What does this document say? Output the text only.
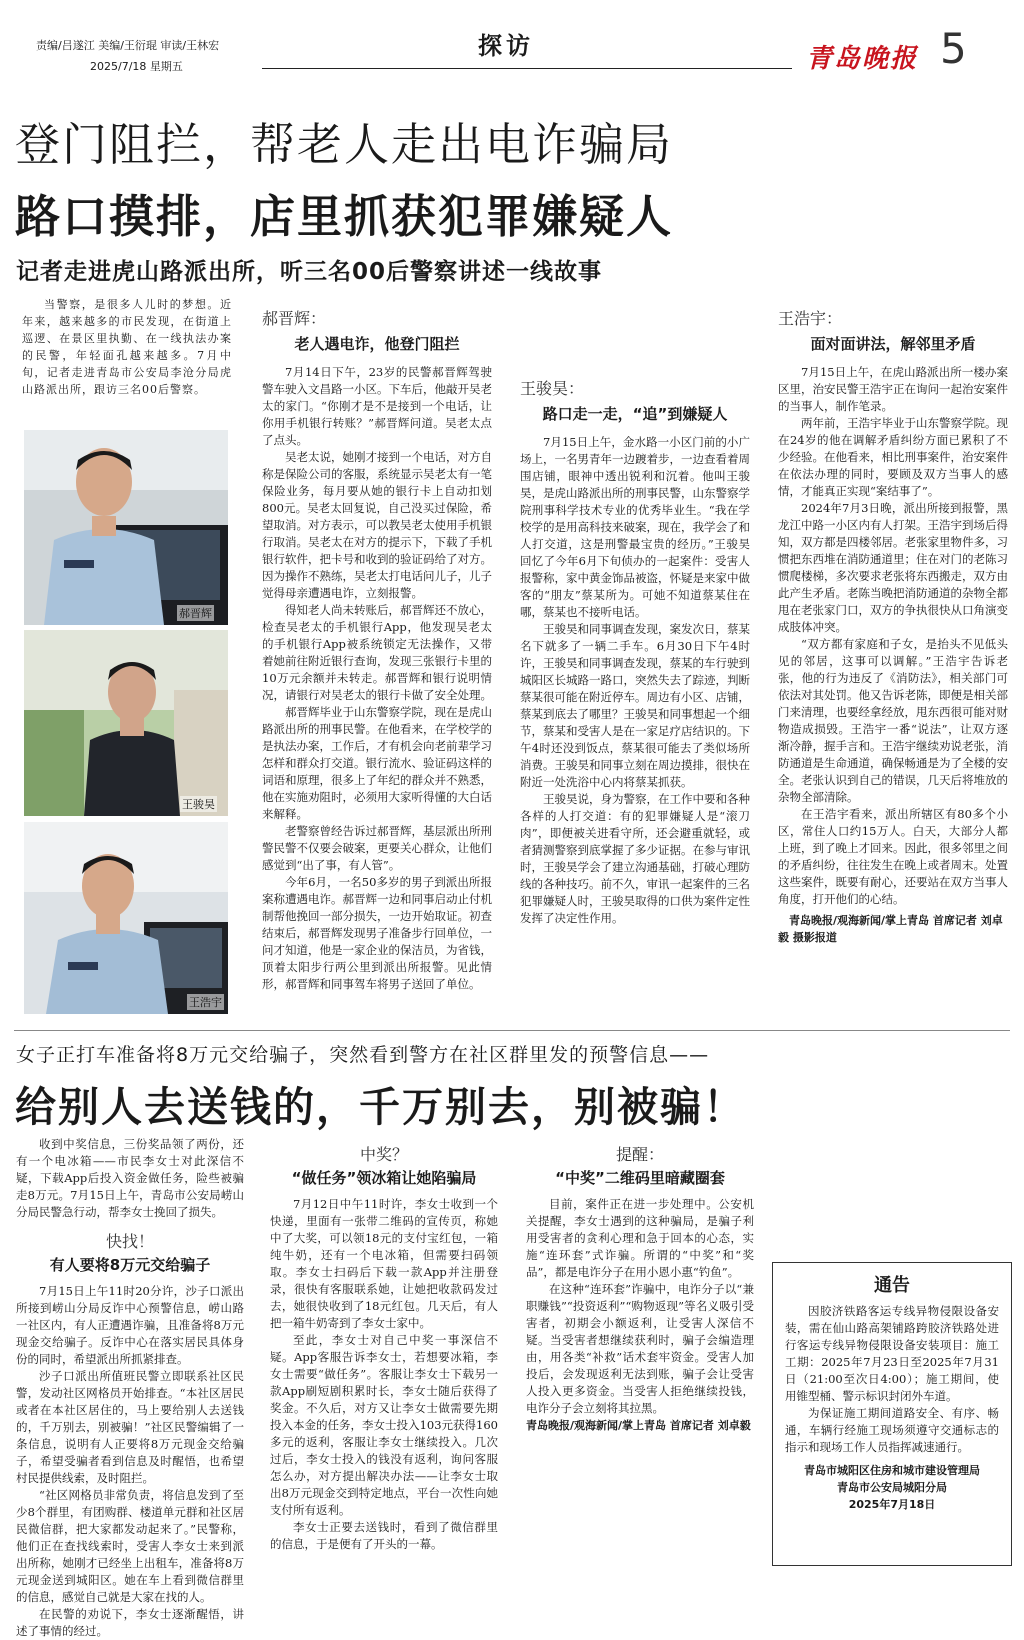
责编/吕遂江 美编/王衍琨 审读/王林宏
2025/7/18 星期五
探访	青岛晚报 5
登门阻拦，帮老人走出电诈骗局
路口摸排，店里抓获犯罪嫌疑人
记者走进虎山路派出所，听三名00后警察讲述一线故事
当警察，是很多人儿时的梦想。近年来，越来越多的市民发现，在街道上巡逻、在景区里执勤、在一线执法办案的民警，年轻面孔越来越多。7月中旬，记者走进青岛市公安局李沧分局虎山路派出所，跟访三名00后警察。
郝晋辉
王骏昊
王浩宇
郝晋辉：
老人遇电诈，他登门阻拦

7月14日下午，23岁的民警郝晋辉驾驶警车驶入文昌路一小区。下车后，他敲开吴老太的家门。“你刚才是不是接到一个电话，让你用手机银行转账？”郝晋辉问道。吴老太点了点头。

吴老太说，她刚才接到一个电话，对方自称是保险公司的客服，系统显示吴老太有一笔保险业务，每月要从她的银行卡上自动扣划800元。吴老太回复说，自己没买过保险，希望取消。对方表示，可以教吴老太使用手机银行取消。吴老太在对方的提示下，下载了手机银行软件，把卡号和收到的验证码给了对方。因为操作不熟练，吴老太打电话问儿子，儿子觉得母亲遭遇电诈，立刻报警。

得知老人尚未转账后，郝晋辉还不放心，检查吴老太的手机银行App，他发现吴老太的手机银行App被系统锁定无法操作，又带着她前往附近银行查询，发现三张银行卡里的10万元余额并未转走。郝晋辉和银行说明情况，请银行对吴老太的银行卡做了安全处理。

郝晋辉毕业于山东警察学院，现在是虎山路派出所的刑事民警。在他看来，在学校学的是执法办案，工作后，才有机会向老前辈学习怎样和群众打交道。银行流水、验证码这样的词语和原理，很多上了年纪的群众并不熟悉，他在实施劝阻时，必须用大家听得懂的大白话来解释。

老警察曾经告诉过郝晋辉，基层派出所刑警民警不仅要会破案，更要关心群众，让他们感觉到“出了事，有人管”。

今年6月，一名50多岁的男子到派出所报案称遭遇电诈。郝晋辉一边和同事启动止付机制帮他挽回一部分损失，一边开始取证。初查结束后，郝晋辉发现男子准备步行回单位，一问才知道，他是一家企业的保洁员，为省钱，顶着太阳步行两公里到派出所报警。见此情形，郝晋辉和同事驾车将男子送回了单位。

王骏昊：
路口走一走，“追”到嫌疑人

7月15日上午，金水路一小区门前的小广场上，一名男青年一边踱着步，一边查看着周围店铺，眼神中透出锐利和沉着。他叫王骏昊，是虎山路派出所的刑事民警，山东警察学院刑事科学技术专业的优秀毕业生。“我在学校学的是用高科技来破案，现在，我学会了和人打交道，这是刑警最宝贵的经历。”王骏昊回忆了今年6月下旬侦办的一起案件：受害人报警称，家中黄金饰品被盗，怀疑是来家中做客的“朋友”蔡某所为。可她不知道蔡某住在哪，蔡某也不接听电话。

王骏昊和同事调查发现，案发次日，蔡某名下就多了一辆二手车。6月30日下午4时许，王骏昊和同事调查发现，蔡某的车行驶到城阳区长城路一路口，突然失去了踪迹，判断蔡某很可能在附近停车。周边有小区、店铺，蔡某到底去了哪里？王骏昊和同事想起一个细节，蔡某和受害人是在一家足疗店结识的。下午4时还没到饭点，蔡某很可能去了类似场所消费。王骏昊和同事立刻在周边摸排，很快在附近一处洗浴中心内将蔡某抓获。

王骏昊说，身为警察，在工作中要和各种各样的人打交道：有的犯罪嫌疑人是“滚刀肉”，即便被关进看守所，还会避重就轻，或者猜测警察到底掌握了多少证据。在参与审讯时，王骏昊学会了建立沟通基础，打破心理防线的各种技巧。前不久，审讯一起案件的三名犯罪嫌疑人时，王骏昊取得的口供为案件定性发挥了决定性作用。

王浩宇：
面对面讲法，解邻里矛盾

7月15日上午，在虎山路派出所一楼办案区里，治安民警王浩宇正在询问一起治安案件的当事人，制作笔录。

两年前，王浩宇毕业于山东警察学院。现在24岁的他在调解矛盾纠纷方面已累积了不少经验。在他看来，相比刑事案件，治安案件在依法办理的同时，要顾及双方当事人的感情，才能真正实现“案结事了”。

2024年7月3日晚，派出所接到报警，黑龙江中路一小区内有人打架。王浩宇到场后得知，双方都是四楼邻居。老张家里物件多，习惯把东西堆在消防通道里；住在对门的老陈习惯爬楼梯，多次要求老张将东西搬走，双方由此产生矛盾。老陈当晚把消防通道的杂物全都甩在老张家门口，双方的争执很快从口角演变成肢体冲突。

“双方都有家庭和子女，是抬头不见低头见的邻居，这事可以调解。”王浩宇告诉老张，他的行为违反了《消防法》，相关部门可依法对其处罚。他又告诉老陈，即便是相关部门来清理，也要经拿经放，甩东西很可能对财物造成损毁。王浩宇一番“说法”，让双方逐渐冷静，握手言和。王浩宇继续劝说老张，消防通道是生命通道，确保畅通是为了全楼的安全。老张认识到自己的错误，几天后将堆放的杂物全部清除。

在王浩宇看来，派出所辖区有80多个小区，常住人口约15万人。白天，大部分人都上班，到了晚上才回来。因此，很多邻里之间的矛盾纠纷，往往发生在晚上或者周末。处置这些案件，既要有耐心，还要站在双方当事人角度，打开他们的心结。

青岛晚报/观海新闻/掌上青岛 首席记者 刘卓毅 摄影报道

女子正打车准备将8万元交给骗子，突然看到警方在社区群里发的预警信息——
给别人去送钱的，千万别去，别被骗！

收到中奖信息，三份奖品领了两份，还有一个电冰箱——市民李女士对此深信不疑，下载App后投入资金做任务，险些被骗走8万元。7月15日上午，青岛市公安局崂山分局民警急行动，帮李女士挽回了损失。

快找！
有人要将8万元交给骗子

7月15日上午11时20分许，沙子口派出所接到崂山分局反诈中心预警信息，崂山路一社区内，有人正遭遇诈骗，且准备将8万元现金交给骗子。反诈中心在落实居民具体身份的同时，希望派出所抓紧排查。

沙子口派出所值班民警立即联系社区民警，发动社区网格员开始排查。“本社区居民或者在本社区居住的，马上要给别人去送钱的，千万别去，别被骗！”社区民警编辑了一条信息，说明有人正要将8万元现金交给骗子，希望受骗者看到信息及时醒悟，也希望村民提供线索，及时阻拦。

“社区网格员非常负责，将信息发到了至少8个群里，有团购群、楼道单元群和社区居民微信群，把大家都发动起来了。”民警称，他们正在查找线索时，受害人李女士来到派出所称，她刚才已经坐上出租车，准备将8万元现金送到城阳区。她在车上看到微信群里的信息，感觉自己就是大家在找的人。

在民警的劝说下，李女士逐渐醒悟，讲述了事情的经过。

中奖？
“做任务”领冰箱让她陷骗局

7月12日中午11时许，李女士收到一个快递，里面有一张带二维码的宣传页，称她中了大奖，可以领18元的支付宝红包，一箱纯牛奶，还有一个电冰箱，但需要扫码领取。李女士扫码后下载一款App并注册登录，很快有客服联系她，让她把收款码发过去，她很快收到了18元红包。几天后，有人把一箱牛奶寄到了李女士家中。

至此，李女士对自己中奖一事深信不疑。App客服告诉李女士，若想要冰箱，李女士需要“做任务”。客服让李女士下载另一款App刷短剧积累时长，李女士随后获得了奖金。不久后，对方又让李女士做需要先期投入本金的任务，李女士投入103元获得160多元的返利，客服让李女士继续投入。几次过后，李女士投入的钱没有返利，询问客服怎么办，对方提出解决办法——让李女士取出8万元现金交到特定地点，平台一次性向她支付所有返利。

李女士正要去送钱时，看到了微信群里的信息，于是便有了开头的一幕。

提醒：
“中奖”二维码里暗藏圈套

目前，案件正在进一步处理中。公安机关提醒，李女士遇到的这种骗局，是骗子利用受害者的贪利心理和急于回本的心态，实施“连环套”式诈骗。所谓的“中奖”和“奖品”，都是电诈分子在用小恩小惠“钓鱼”。

在这种“连环套”诈骗中，电诈分子以“兼职赚钱”“投资返利”“购物返现”等名义吸引受害者，初期会小额返利，让受害人深信不疑。当受害者想继续获利时，骗子会编造理由，用各类“补救”话术套牢资金。受害人加投后，会发现返利无法到账，骗子会让受害人投入更多资金。当受害人拒绝继续投钱，电诈分子会立刻将其拉黑。

青岛晚报/观海新闻/掌上青岛 首席记者 刘卓毅

通告

因胶济铁路客运专线异物侵限设备安装，需在仙山路高架铺路跨胶济铁路处进行客运专线异物侵限设备安装项目：施工工期：2025年7月23日至2025年7月31日（21:00至次日4:00）；施工期间，使用锥型桶、警示标识封闭外车道。

为保证施工期间道路安全、有序、畅通，车辆行经施工现场须遵守交通标志的指示和现场工作人员指挥减速通行。

青岛市城阳区住房和城市建设管理局
青岛市公安局城阳分局
2025年7月18日
